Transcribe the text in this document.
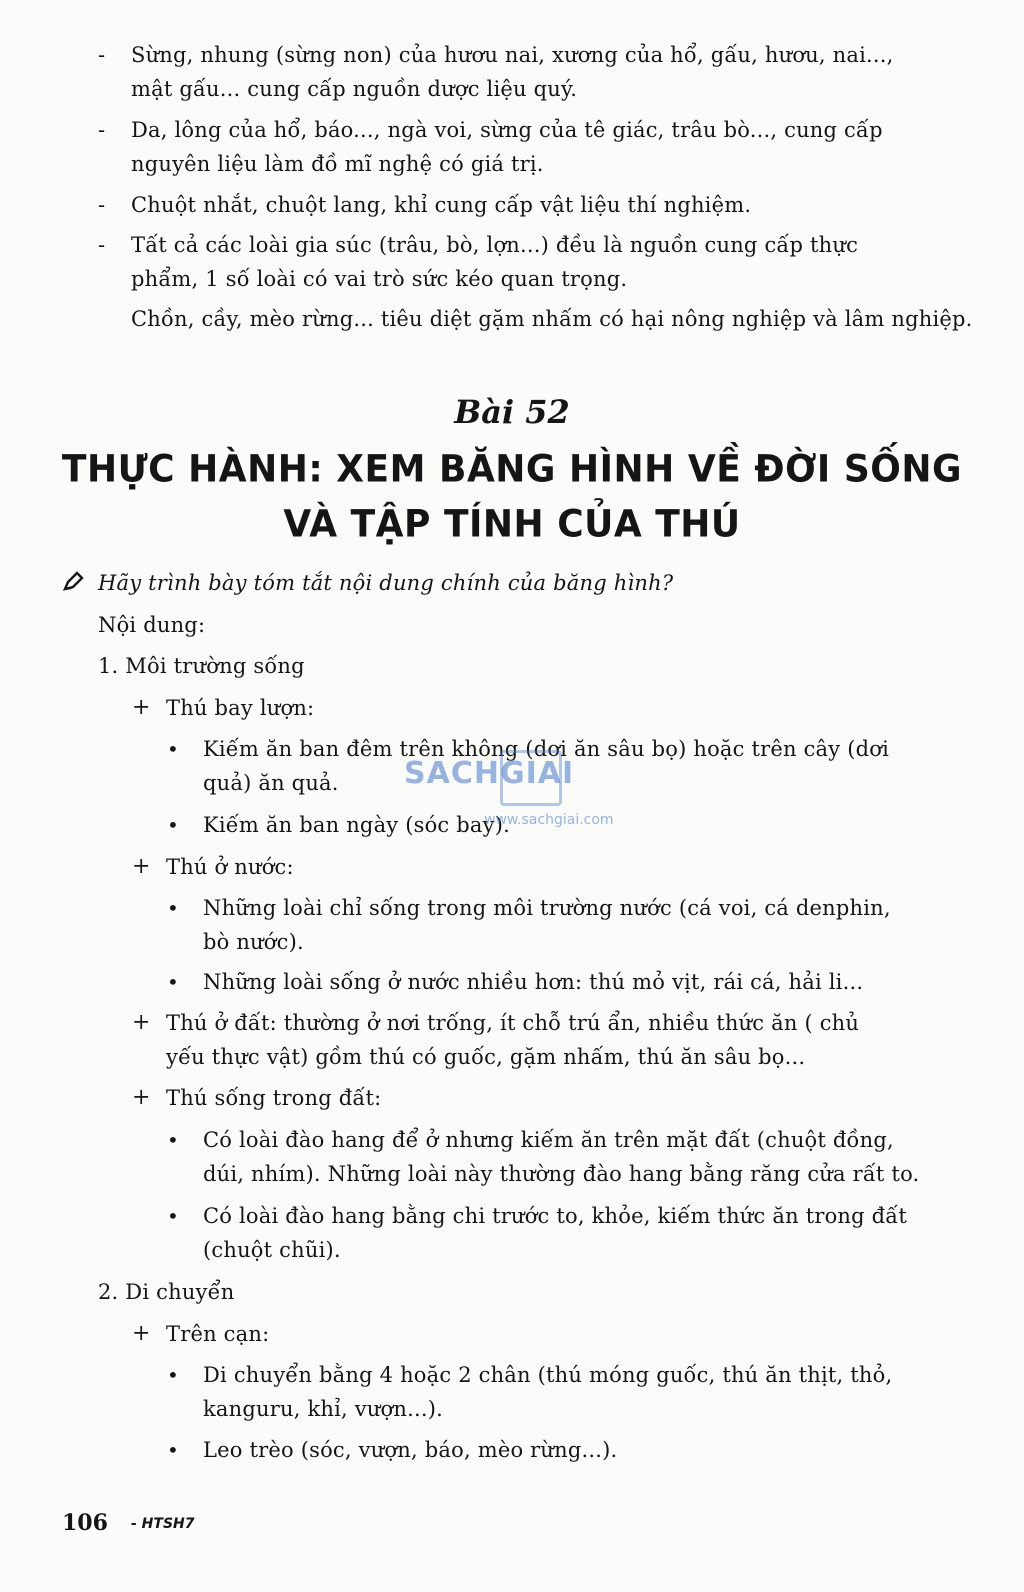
- Sừng, nhung (sừng non) của hươu nai, xương của hổ, gấu, hươu, nai...,
mật gấu... cung cấp nguồn dược liệu quý.
- Da, lông của hổ, báo..., ngà voi, sừng của tê giác, trâu bò..., cung cấp
nguyên liệu làm đồ mĩ nghệ có giá trị.
- Chuột nhắt, chuột lang, khỉ cung cấp vật liệu thí nghiệm.
- Tất cả các loài gia súc (trâu, bò, lợn...) đều là nguồn cung cấp thực
phẩm, 1 số loài có vai trò sức kéo quan trọng.
Chồn, cầy, mèo rừng... tiêu diệt gặm nhấm có hại nông nghiệp và lâm nghiệp.
Bài 52
THỰC HÀNH: XEM BĂNG HÌNH VỀ ĐỜI SỐNG
VÀ TẬP TÍNH CỦA THÚ
Hãy trình bày tóm tắt nội dung chính của băng hình?
Nội dung:
1. Môi trường sống
+ Thú bay lượn:
• Kiếm ăn ban đêm trên không (dơi ăn sâu bọ) hoặc trên cây (dơi
quả) ăn quả.
• Kiếm ăn ban ngày (sóc bay).
+ Thú ở nước:
• Những loài chỉ sống trong môi trường nước (cá voi, cá denphin,
bò nước).
• Những loài sống ở nước nhiều hơn: thú mỏ vịt, rái cá, hải li...
+ Thú ở đất: thường ở nơi trống, ít chỗ trú ẩn, nhiều thức ăn ( chủ
yếu thực vật) gồm thú có guốc, gặm nhấm, thú ăn sâu bọ...
+ Thú sống trong đất:
• Có loài đào hang để ở nhưng kiếm ăn trên mặt đất (chuột đồng,
dúi, nhím). Những loài này thường đào hang bằng răng cửa rất to.
• Có loài đào hang bằng chi trước to, khỏe, kiếm thức ăn trong đất
(chuột chũi).
2. Di chuyển
+ Trên cạn:
• Di chuyển bằng 4 hoặc 2 chân (thú móng guốc, thú ăn thịt, thỏ,
kanguru, khỉ, vượn...).
• Leo trèo (sóc, vượn, báo, mèo rừng...).
SACHGIAI
www.sachgiai.com
106 - HTSH7
